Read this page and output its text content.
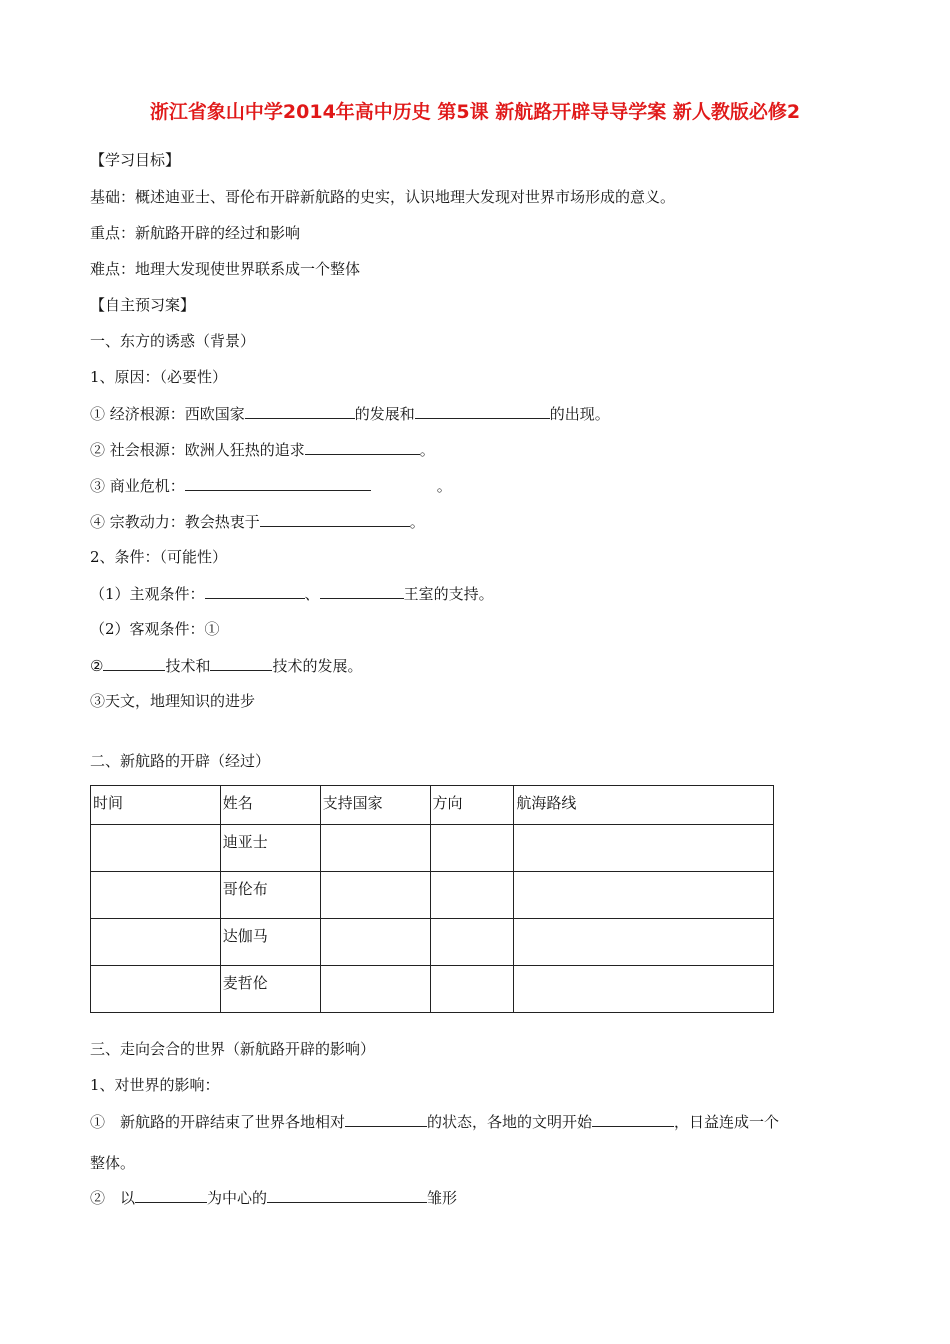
浙江省象山中学2014年高中历史 第5课 新航路开辟导导学案 新人教版必修2
【学习目标】
基础：概述迪亚士、哥伦布开辟新航路的史实，认识地理大发现对世界市场形成的意义。
重点：新航路开辟的经过和影响
难点：地理大发现使世界联系成一个整体
【自主预习案】
一、东方的诱惑（背景）
1、原因：（必要性）
① 经济根源：西欧国家	的发展和	的出现。
② 社会根源：欧洲人狂热的追求	。
③ 商业危机：	。
④ 宗教动力：教会热衷于	。
2、条件：（可能性）
（1）主观条件：	、	王室的支持。
（2）客观条件：①
②	技术和	技术的发展。
③天文，地理知识的进步
二、新航路的开辟（经过）
时间	姓名	支持国家	方向	航海路线
	迪亚士			
	哥伦布			
	达伽马			
	麦哲伦			
三、走向会合的世界（新航路开辟的影响）
1、对世界的影响：
①　新航路的开辟结束了世界各地相对	的状态，各地的文明开始	，日益连成一个
整体。
②　以	为中心的	雏形
